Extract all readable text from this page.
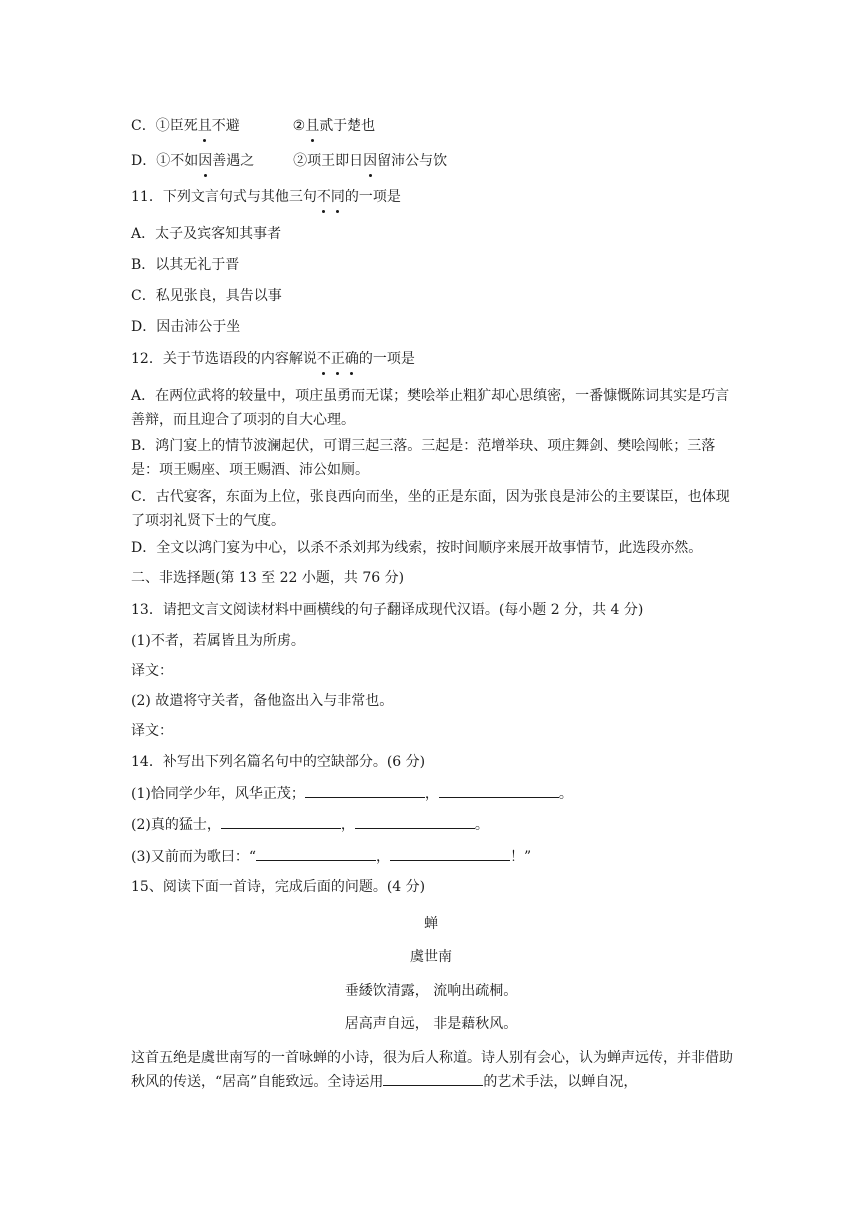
C．①臣死且不避	②且贰于楚也
D．①不如因善遇之	②项王即日因留沛公与饮
11．下列文言句式与其他三句不同的一项是
A．太子及宾客知其事者
B．以其无礼于晋
C．私见张良，具告以事
D．因击沛公于坐
12．关于节选语段的内容解说不正确的一项是
A．在两位武将的较量中，项庄虽勇而无谋；樊哙举止粗犷却心思缜密，一番慷慨陈词其实是巧言善辩，而且迎合了项羽的自大心理。
B．鸿门宴上的情节波澜起伏，可谓三起三落。三起是：范增举玦、项庄舞剑、樊哙闯帐；三落是：项王赐座、项王赐酒、沛公如厕。
C．古代宴客，东面为上位，张良西向而坐，坐的正是东面，因为张良是沛公的主要谋臣，也体现了项羽礼贤下士的气度。
D．全文以鸿门宴为中心，以杀不杀刘邦为线索，按时间顺序来展开故事情节，此选段亦然。
二、非选择题(第 13 至 22 小题，共 76 分)
13．请把文言文阅读材料中画横线的句子翻译成现代汉语。(每小题 2 分，共 4 分)
(1)不者，若属皆且为所虏。
译文：
(2) 故遣将守关者，备他盗出入与非常也。
译文：
14．补写出下列名篇名句中的空缺部分。(6 分)
(1)恰同学少年，风华正茂；	，	。
(2)真的猛士，	，	。
(3)又前而为歌曰：“	，	！”
15、阅读下面一首诗，完成后面的问题。(4 分)
蝉
虞世南
垂緌饮清露， 流响出疏桐。
居高声自远， 非是藉秋风。
这首五绝是虞世南写的一首咏蝉的小诗，很为后人称道。诗人别有会心，认为蝉声远传，并非借助秋风的传送，“居高”自能致远。全诗运用	的艺术手法，以蝉自况，
